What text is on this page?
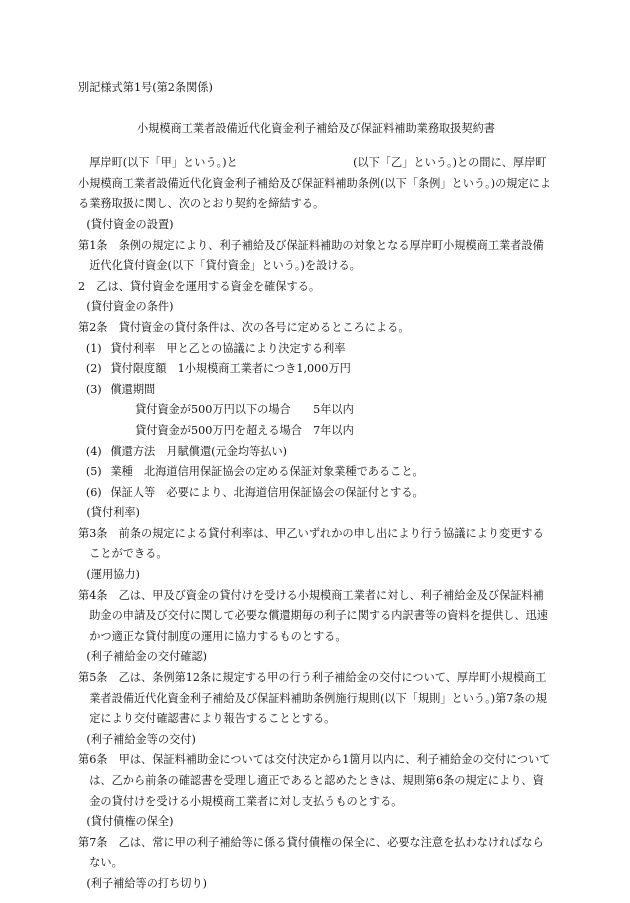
別記様式第1号(第2条関係)

小規模商工業者設備近代化資金利子補給及び保証料補助業務取扱契約書

厚岸町(以下「甲」という。)と	(以下「乙」という。)との間に、厚岸町小規模商工業者設備近代化資金利子補給及び保証料補助条例(以下「条例」という。)の規定による業務取扱に関し、次のとおり契約を締結する。

(貸付資金の設置)

第1条　条例の規定により、利子補給及び保証料補助の対象となる厚岸町小規模商工業者設備近代化貸付資金(以下「貸付資金」という。)を設ける。

2　乙は、貸付資金を運用する資金を確保する。

(貸付資金の条件)

第2条　貸付資金の貸付条件は、次の各号に定めるところによる。

(1) 貸付利率　甲と乙との協議により決定する利率

(2) 貸付限度額　1小規模商工業者につき1,000万円

(3) 償還期間

貸付資金が500万円以下の場合　　5年以内

貸付資金が500万円を超える場合　7年以内

(4) 償還方法　月賦償還(元金均等払い)

(5) 業種　北海道信用保証協会の定める保証対象業種であること。

(6) 保証人等　必要により、北海道信用保証協会の保証付とする。

(貸付利率)

第3条　前条の規定による貸付利率は、甲乙いずれかの申し出により行う協議により変更することができる。

(運用協力)

第4条　乙は、甲及び資金の貸付けを受ける小規模商工業者に対し、利子補給金及び保証料補助金の申請及び交付に関して必要な償還期毎の利子に関する内訳書等の資料を提供し、迅速かつ適正な貸付制度の運用に協力するものとする。

(利子補給金の交付確認)

第5条　乙は、条例第12条に規定する甲の行う利子補給金の交付について、厚岸町小規模商工業者設備近代化資金利子補給及び保証料補助条例施行規則(以下「規則」という。)第7条の規定により交付確認書により報告することとする。

(利子補給金等の交付)

第6条　甲は、保証料補助金については交付決定から1箇月以内に、利子補給金の交付については、乙から前条の確認書を受理し適正であると認めたときは、規則第6条の規定により、資金の貸付けを受ける小規模商工業者に対し支払うものとする。

(貸付債権の保全)

第7条　乙は、常に甲の利子補給等に係る貸付債権の保全に、必要な注意を払わなければならない。

(利子補給等の打ち切り)
